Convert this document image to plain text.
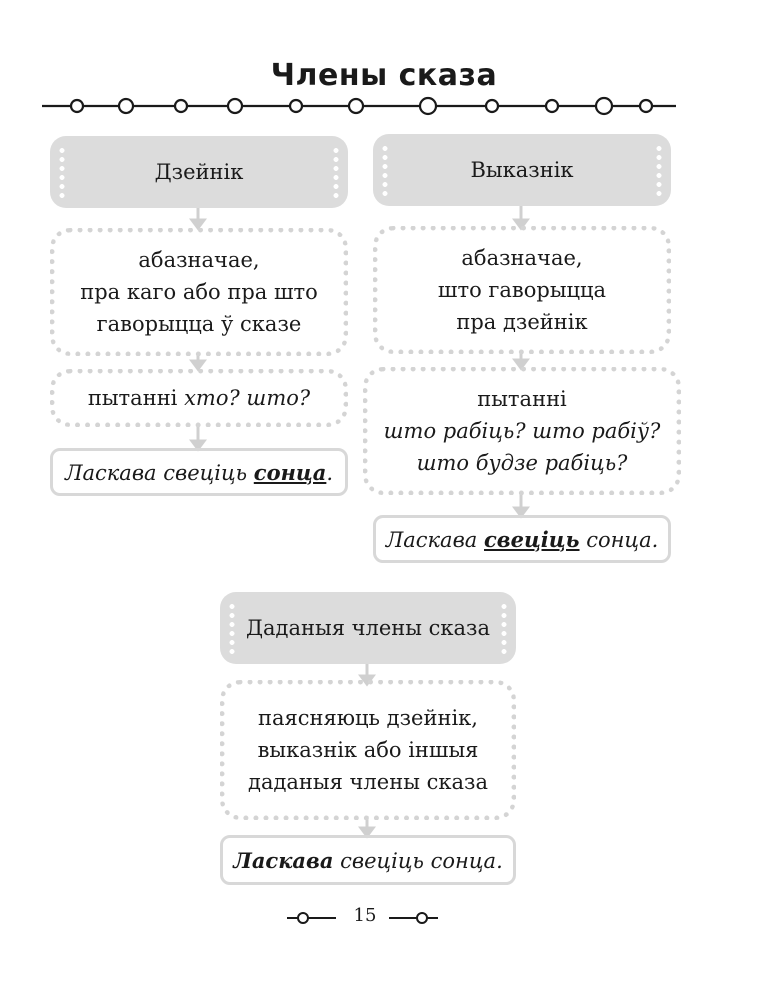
Члены сказа
Дзейнік
абазначае,
пра каго або пра што
гаворыцца ў сказе
пытанні хто? што?
Ласкава свеціць сонца.
Выказнік
абазначае,
што гаворыцца
пра дзейнік
пытанні
што рабіць? што рабіў?
што будзе рабіць?
Ласкава свеціць сонца.
Даданыя члены сказа
паясняюць дзейнік,
выказнік або іншыя
даданыя члены сказа
Ласкава свеціць сонца.
15
